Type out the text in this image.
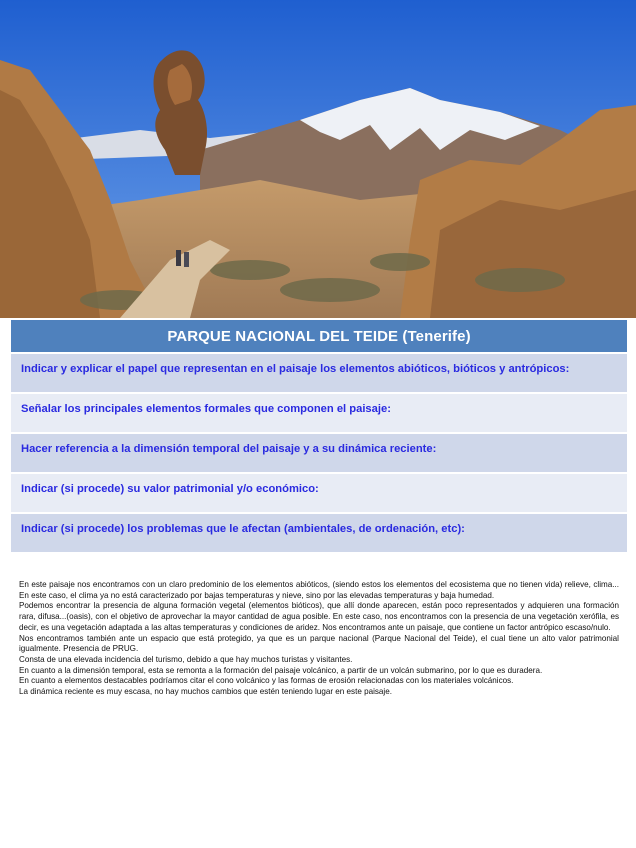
PARQUE NACIONAL DEL TEIDE (Tenerife)
Indicar y explicar el papel que representan en el paisaje los elementos abióticos, bióticos y antrópicos:
Señalar los principales elementos formales que componen el paisaje:
Hacer referencia a la dimensión temporal del paisaje y a su dinámica reciente:
Indicar (si procede) su valor patrimonial y/o económico:
Indicar (si procede) los problemas que le afectan (ambientales, de ordenación, etc):

En este paisaje nos encontramos con un claro predominio de los elementos abióticos, (siendo estos los elementos del ecosistema que no tienen vida) relieve, clima... En este caso, el clima ya no está caracterizado por bajas temperaturas y nieve, sino por las elevadas temperaturas y baja humedad.

Podemos encontrar la presencia de alguna formación vegetal (elementos bióticos), que allí donde aparecen, están poco representados y adquieren una formación rara, difusa...(oasis), con el objetivo de aprovechar la mayor cantidad de agua posible. En este caso, nos encontramos con la presencia de una vegetación xerófila, es decir, es una vegetación adaptada a las altas temperaturas y condiciones de aridez. Nos encontramos ante un paisaje, que contiene un factor antrópico escaso/nulo.

Nos encontramos también ante un espacio que está protegido, ya que es un parque nacional (Parque Nacional del Teide), el cual tiene un alto valor patrimonial igualmente. Presencia de PRUG.

Consta de una elevada incidencia del turismo, debido a que hay muchos turistas y visitantes.

En cuanto a la dimensión temporal, esta se remonta a la formación del paisaje volcánico, a partir de un volcán submarino, por lo que es duradera.

En cuanto a elementos destacables podríamos citar el cono volcánico y las formas de erosión relacionadas con los materiales volcánicos.

La dinámica reciente es muy escasa, no hay muchos cambios que estén teniendo lugar en este paisaje.
